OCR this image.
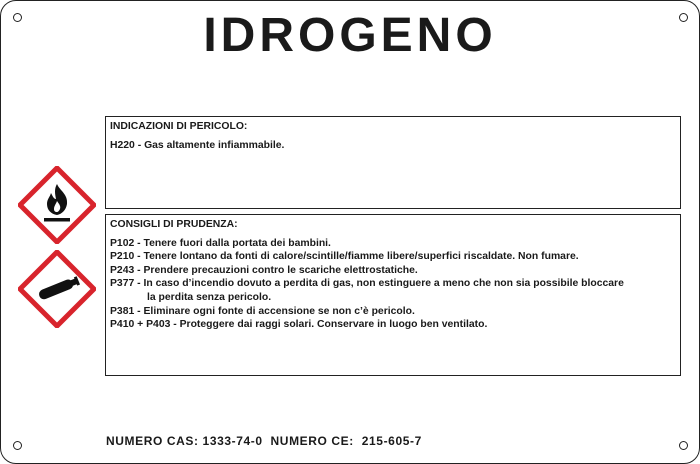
IDROGENO
INDICAZIONI DI PERICOLO:
H220 - Gas altamente infiammabile.
CONSIGLI DI PRUDENZA:
P102 - Tenere fuori dalla portata dei bambini.
P210 - Tenere lontano da fonti di calore/scintille/fiamme libere/superfici riscaldate. Non fumare.
P243 - Prendere precauzioni contro le scariche elettrostatiche.
P377 - In caso d’incendio dovuto a perdita di gas, non estinguere a meno che non sia possibile bloccare
la perdita senza pericolo.
P381 - Eliminare ogni fonte di accensione se non c’è pericolo.
P410 + P403 - Proteggere dai raggi solari. Conservare in luogo ben ventilato.
NUMERO CAS: 1333-74-0 NUMERO CE: 215-605-7
